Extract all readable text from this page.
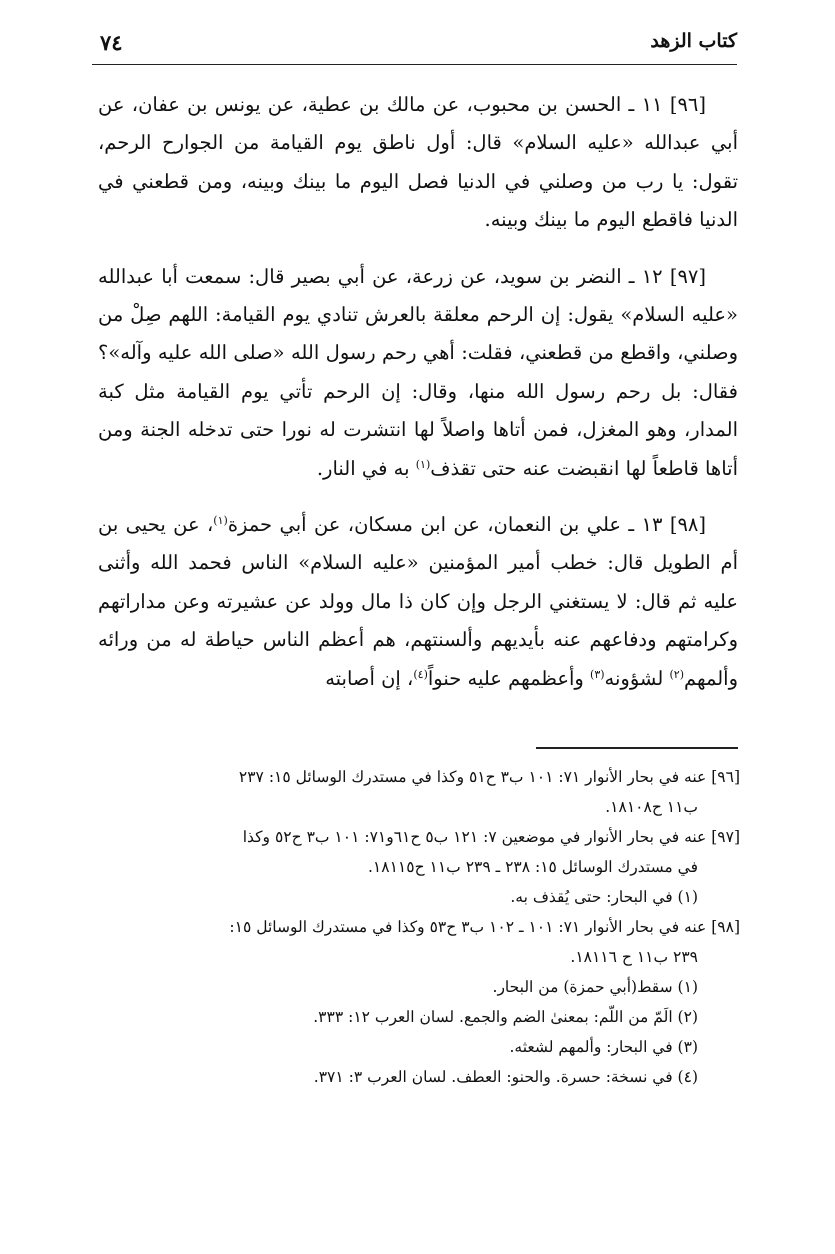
كتاب الزهد
٧٤

[٩٦] ١١ ـ الحسن بن محبوب، عن مالك بن عطية، عن يونس بن عفان، عن أبي عبدالله «عليه السلام» قال: أول ناطق يوم القيامة من الجوارح الرحم، تقول: يا رب من وصلني في الدنيا فصل اليوم ما بينك وبينه، ومن قطعني في الدنيا فاقطع اليوم ما بينك وبينه.

[٩٧] ١٢ ـ النضر بن سويد، عن زرعة، عن أبي بصير قال: سمعت أبا عبدالله «عليه السلام» يقول: إن الرحم معلقة بالعرش تنادي يوم القيامة: اللهم صِلْ من وصلني، واقطع من قطعني، فقلت: أهي رحم رسول الله «صلى الله عليه وآله»؟ فقال: بل رحم رسول الله منها، وقال: إن الرحم تأتي يوم القيامة مثل كبة المدار، وهو المغزل، فمن أتاها واصلاً لها انتشرت له نورا حتى تدخله الجنة ومن أتاها قاطعاً لها انقبضت عنه حتى تقذف$^{(١)}$ به في النار.

[٩٨] ١٣ ـ علي بن النعمان، عن ابن مسكان، عن أبي حمزة$^{(١)}$، عن يحيى بن أم الطويل قال: خطب أمير المؤمنين «عليه السلام» الناس فحمد الله وأثنى عليه ثم قال: لا يستغني الرجل وإن كان ذا مال وولد عن عشيرته وعن مداراتهم وكرامتهم ودفاعهم عنه بأيديهم وألسنتهم، هم أعظم الناس حياطة له من ورائه وألمهم$^{(٢)}$ لشؤونه$^{(٣)}$ وأعظمهم عليه حنواً$^{(٤)}$، إن أصابته

[٩٦] عنه في بحار الأنوار ٧١: ١٠١ ب٣ ح٥١ وكذا في مستدرك الوسائل ١٥: ٢٣٧
ب١١ ح١٨١٠٨.
[٩٧] عنه في بحار الأنوار في موضعين ٧: ١٢١ ب٥ ح٦١و٧١: ١٠١ ب٣ ح٥٢ وكذا
في مستدرك الوسائل ١٥: ٢٣٨ ـ ٢٣٩ ب١١ ح١٨١١٥.
(١) في البحار: حتى يُقذف به.
[٩٨] عنه في بحار الأنوار ٧١: ١٠١ ـ ١٠٢ ب٣ ح٥٣ وكذا في مستدرك الوسائل ١٥:
٢٣٩ ب١١ ح ١٨١١٦.
(١) سقط(أبي حمزة) من البحار.
(٢) الَمّ من اللّم: بمعنىٰ الضم والجمع. لسان العرب ١٢: ٣٣٣.
(٣) في البحار: وألمهم لشعثه.
(٤) في نسخة: حسرة. والحنو: العطف. لسان العرب ٣: ٣٧١.
